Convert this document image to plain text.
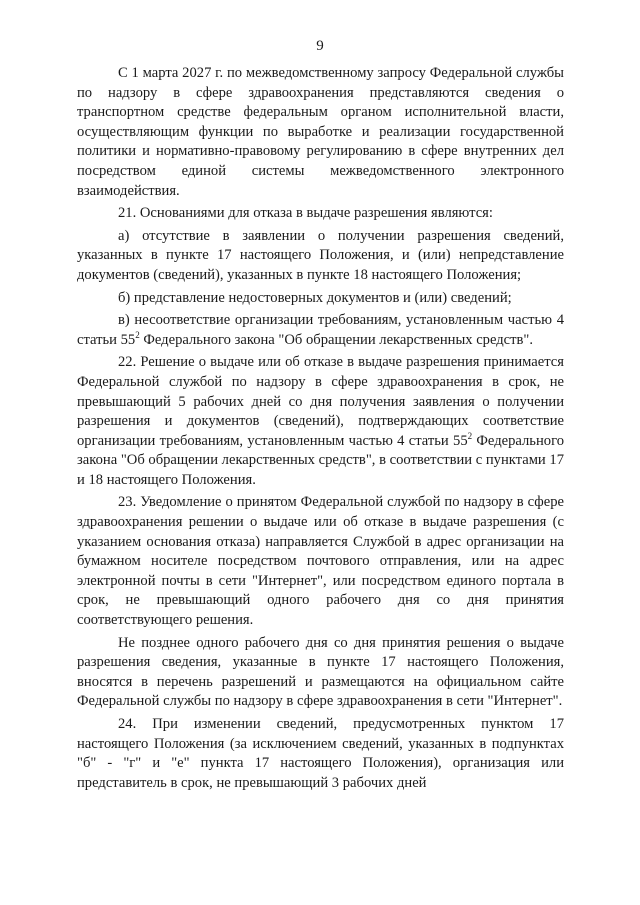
9

С 1 марта 2027 г. по межведомственному запросу Федеральной службы по надзору в сфере здравоохранения представляются сведения о транспортном средстве федеральным органом исполнительной власти, осуществляющим функции по выработке и реализации государственной политики и нормативно-правовому регулированию в сфере внутренних дел посредством единой системы межведомственного электронного взаимодействия.

21. Основаниями для отказа в выдаче разрешения являются:

а) отсутствие в заявлении о получении разрешения сведений, указанных в пункте 17 настоящего Положения, и (или) непредставление документов (сведений), указанных в пункте 18 настоящего Положения;

б) представление недостоверных документов и (или) сведений;

в) несоответствие организации требованиям, установленным частью 4 статьи $55^2$ Федерального закона "Об обращении лекарственных средств".

22. Решение о выдаче или об отказе в выдаче разрешения принимается Федеральной службой по надзору в сфере здравоохранения в срок, не превышающий 5 рабочих дней со дня получения заявления о получении разрешения и документов (сведений), подтверждающих соответствие организации требованиям, установленным частью 4 статьи $55^2$ Федерального закона "Об обращении лекарственных средств", в соответствии с пунктами 17 и 18 настоящего Положения.

23. Уведомление о принятом Федеральной службой по надзору в сфере здравоохранения решении о выдаче или об отказе в выдаче разрешения (с указанием основания отказа) направляется Службой в адрес организации на бумажном носителе посредством почтового отправления, или на адрес электронной почты в сети "Интернет", или посредством единого портала в срок, не превышающий одного рабочего дня со дня принятия соответствующего решения.

Не позднее одного рабочего дня со дня принятия решения о выдаче разрешения сведения, указанные в пункте 17 настоящего Положения, вносятся в перечень разрешений и размещаются на официальном сайте Федеральной службы по надзору в сфере здравоохранения в сети "Интернет".

24. При изменении сведений, предусмотренных пунктом 17 настоящего Положения (за исключением сведений, указанных в подпунктах "б" - "г" и "е" пункта 17 настоящего Положения), организация или представитель в срок, не превышающий 3 рабочих дней
